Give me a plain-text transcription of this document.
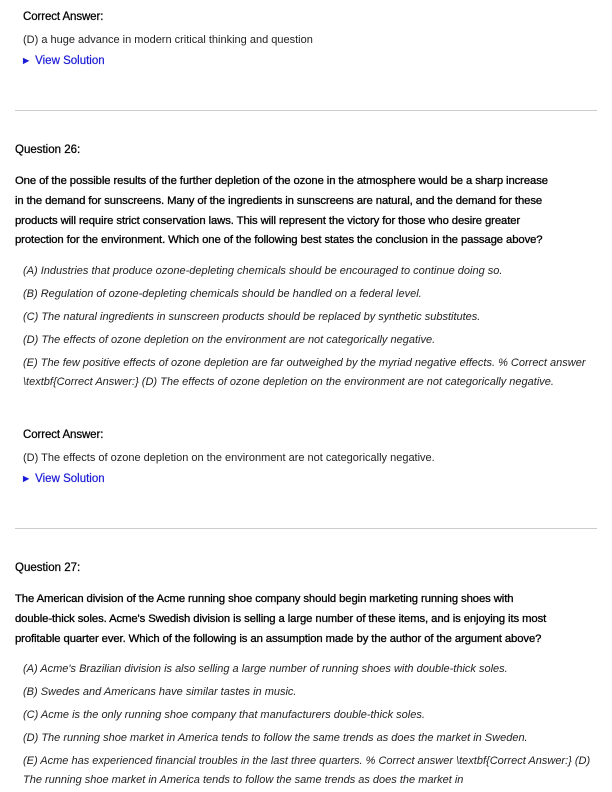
Correct Answer:
(D) a huge advance in modern critical thinking and question
▶ View Solution
Question 26:
One of the possible results of the further depletion of the ozone in the atmosphere would be a sharp increase
in the demand for sunscreens. Many of the ingredients in sunscreens are natural, and the demand for these
products will require strict conservation laws. This will represent the victory for those who desire greater
protection for the environment. Which one of the following best states the conclusion in the passage above?
(A) Industries that produce ozone-depleting chemicals should be encouraged to continue doing so.
(B) Regulation of ozone-depleting chemicals should be handled on a federal level.
(C) The natural ingredients in sunscreen products should be replaced by synthetic substitutes.
(D) The effects of ozone depletion on the environment are not categorically negative.
(E) The few positive effects of ozone depletion are far outweighed by the myriad negative effects. % Correct answer \textbf{Correct Answer:} (D) The effects of ozone depletion on the environment are not categorically negative.
Correct Answer:
(D) The effects of ozone depletion on the environment are not categorically negative.
▶ View Solution
Question 27:
The American division of the Acme running shoe company should begin marketing running shoes with
double-thick soles. Acme's Swedish division is selling a large number of these items, and is enjoying its most
profitable quarter ever. Which of the following is an assumption made by the author of the argument above?
(A) Acme's Brazilian division is also selling a large number of running shoes with double-thick soles.
(B) Swedes and Americans have similar tastes in music.
(C) Acme is the only running shoe company that manufacturers double-thick soles.
(D) The running shoe market in America tends to follow the same trends as does the market in Sweden.
(E) Acme has experienced financial troubles in the last three quarters. % Correct answer \textbf{Correct Answer:} (D) The running shoe market in America tends to follow the same trends as does the market in
